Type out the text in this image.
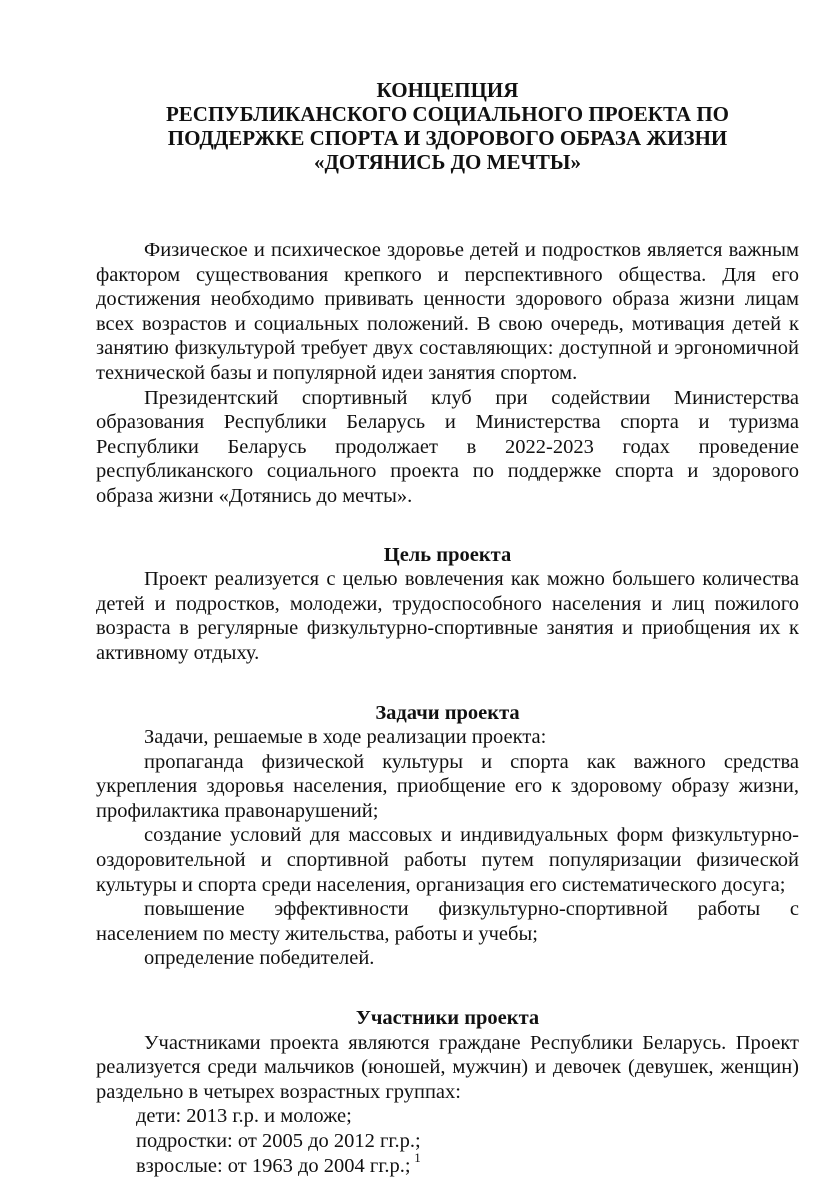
КОНЦЕПЦИЯ
РЕСПУБЛИКАНСКОГО СОЦИАЛЬНОГО ПРОЕКТА ПО
ПОДДЕРЖКЕ СПОРТА И ЗДОРОВОГО ОБРАЗА ЖИЗНИ
«ДОТЯНИСЬ ДО МЕЧТЫ»

Физическое и психическое здоровье детей и подростков является важным фактором существования крепкого и перспективного общества. Для его достижения необходимо прививать ценности здорового образа жизни лицам всех возрастов и социальных положений. В свою очередь, мотивация детей к занятию физкультурой требует двух составляющих: доступной и эргономичной технической базы и популярной идеи занятия спортом.

Президентский спортивный клуб при содействии Министерства образования Республики Беларусь и Министерства спорта и туризма Республики Беларусь продолжает в 2022-2023 годах проведение республиканского социального проекта по поддержке спорта и здорового образа жизни «Дотянись до мечты».

Цель проекта

Проект реализуется с целью вовлечения как можно большего количества детей и подростков, молодежи, трудоспособного населения и лиц пожилого возраста в регулярные физкультурно-спортивные занятия и приобщения их к активному отдыху.

Задачи проекта

Задачи, решаемые в ходе реализации проекта:

пропаганда физической культуры и спорта как важного средства укрепления здоровья населения, приобщение его к здоровому образу жизни, профилактика правонарушений;

создание условий для массовых и индивидуальных форм физкультурно-оздоровительной и спортивной работы путем популяризации физической культуры и спорта среди населения, организация его систематического досуга;

повышение эффективности физкультурно-спортивной работы с населением по месту жительства, работы и учебы;

определение победителей.

Участники проекта

Участниками проекта являются граждане Республики Беларусь. Проект реализуется среди мальчиков (юношей, мужчин) и девочек (девушек, женщин) раздельно в четырех возрастных группах:

дети: 2013 г.р. и моложе;
подростки: от 2005 до 2012 гг.р.;
взрослые: от 1963 до 2004 гг.р.; 1
